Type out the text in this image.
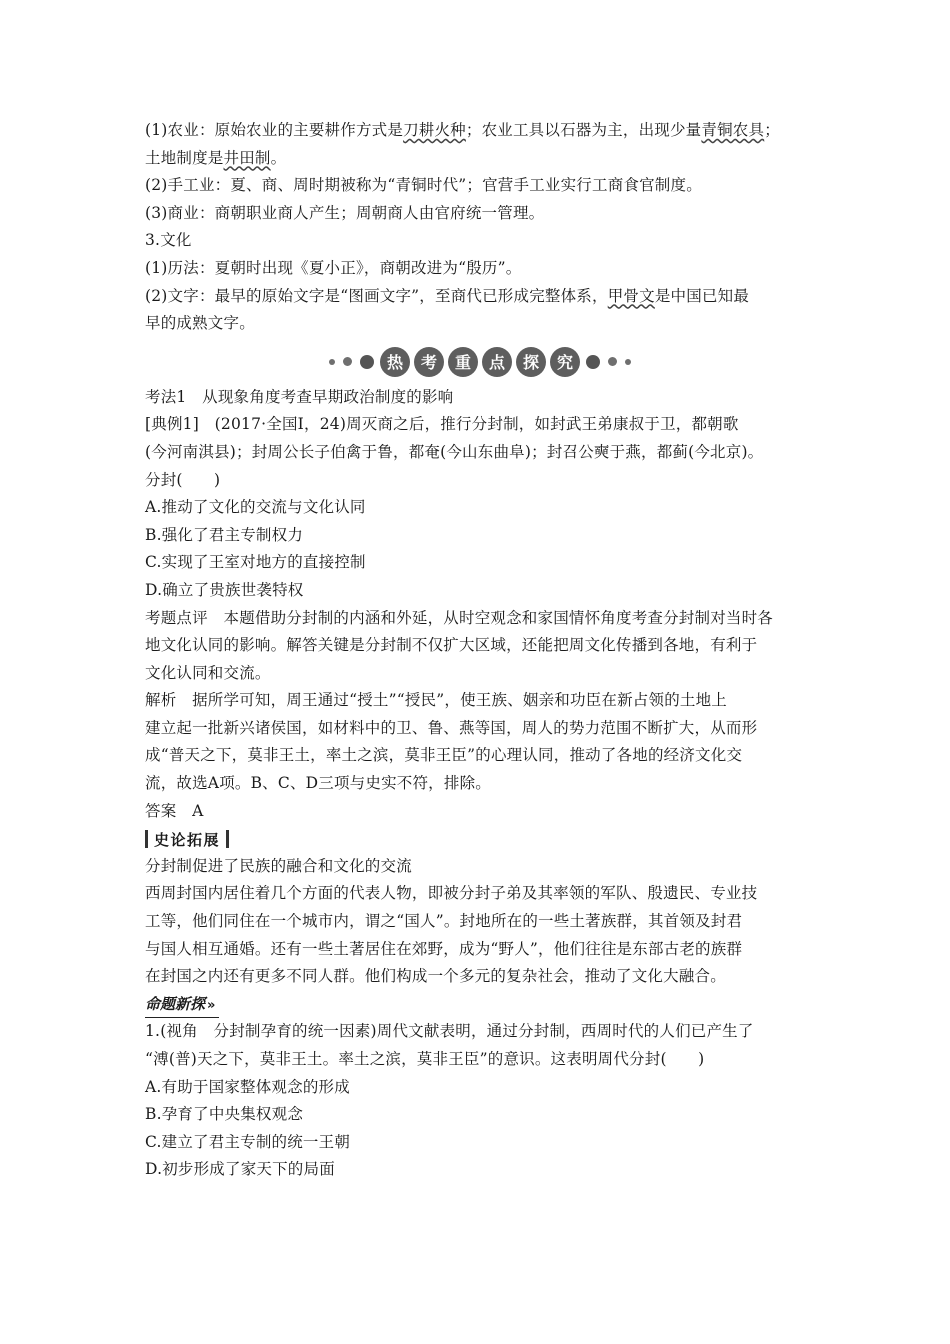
(1)农业：原始农业的主要耕作方式是刀耕火种；农业工具以石器为主，出现少量青铜农具；
土地制度是井田制。
(2)手工业：夏、商、周时期被称为“青铜时代”；官营手工业实行工商食官制度。
(3)商业：商朝职业商人产生；周朝商人由官府统一管理。
3.文化
(1)历法：夏朝时出现《夏小正》，商朝改进为“殷历”。
(2)文字：最早的原始文字是“图画文字”，至商代已形成完整体系，甲骨文是中国已知最
早的成熟文字。
热	考	重	点	探	究
考法1　从现象角度考查早期政治制度的影响
[典例1]　(2017·全国Ⅰ，24)周灭商之后，推行分封制，如封武王弟康叔于卫，都朝歌
(今河南淇县)；封周公长子伯禽于鲁，都奄(今山东曲阜)；封召公奭于燕，都蓟(今北京)。
分封(　　)
A.推动了文化的交流与文化认同
B.强化了君主专制权力
C.实现了王室对地方的直接控制
D.确立了贵族世袭特权
考题点评　本题借助分封制的内涵和外延，从时空观念和家国情怀角度考查分封制对当时各
地文化认同的影响。解答关键是分封制不仅扩大区域，还能把周文化传播到各地，有利于
文化认同和交流。
解析　据所学可知，周王通过“授土”“授民”，使王族、姻亲和功臣在新占领的土地上
建立起一批新兴诸侯国，如材料中的卫、鲁、燕等国，周人的势力范围不断扩大，从而形
成“普天之下，莫非王土，率土之滨，莫非王臣”的心理认同，推动了各地的经济文化交
流，故选A项。B、C、D三项与史实不符，排除。
答案　A
史论拓展
分封制促进了民族的融合和文化的交流
西周封国内居住着几个方面的代表人物，即被分封子弟及其率领的军队、殷遗民、专业技
工等，他们同住在一个城市内，谓之“国人”。封地所在的一些土著族群，其首领及封君
与国人相互通婚。还有一些土著居住在郊野，成为“野人”，他们往往是东部古老的族群
在封国之内还有更多不同人群。他们构成一个多元的复杂社会，推动了文化大融合。
命题新探 »
1.(视角　分封制孕育的统一因素)周代文献表明，通过分封制，西周时代的人们已产生了
“溥(普)天之下，莫非王土。率土之滨，莫非王臣”的意识。这表明周代分封(　　)
A.有助于国家整体观念的形成
B.孕育了中央集权观念
C.建立了君主专制的统一王朝
D.初步形成了家天下的局面
